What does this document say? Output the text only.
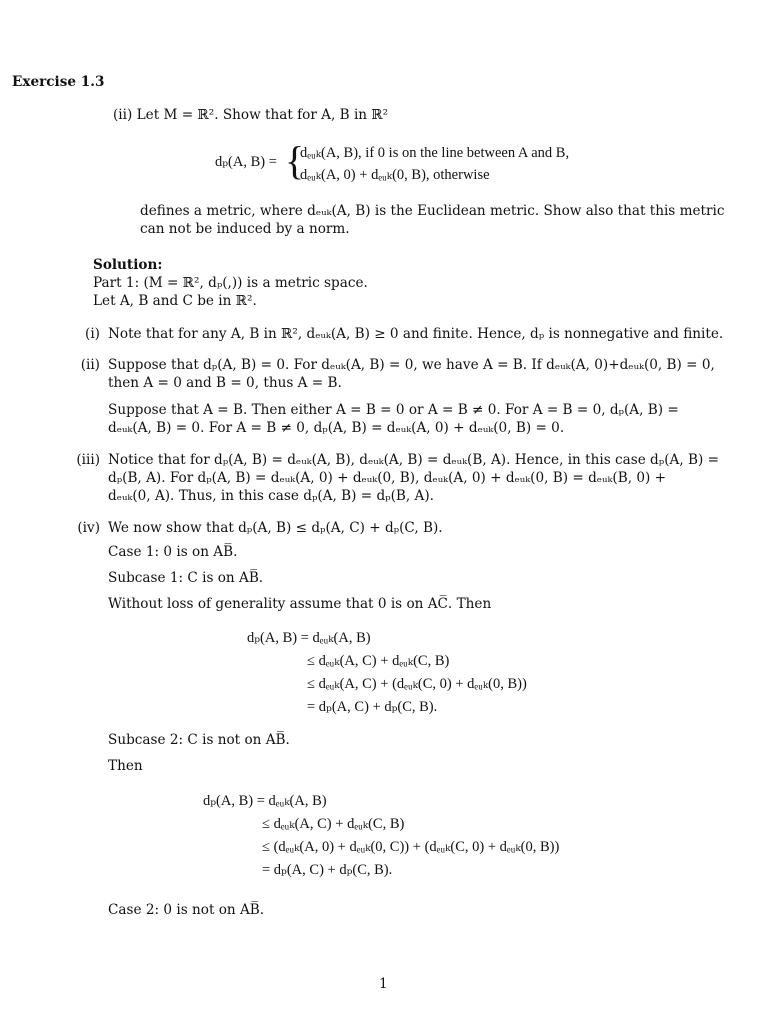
Exercise 1.3
(ii) Let M = ℝ². Show that for A, B in ℝ²
dₚ(A, B) = {
dₑᵤₖ(A, B), if 0 is on the line between A and B,
dₑᵤₖ(A, 0) + dₑᵤₖ(0, B), otherwise
defines a metric, where dₑᵤₖ(A, B) is the Euclidean metric. Show also that this metric
can not be induced by a norm.
Solution:
Part 1: (M = ℝ², dₚ(,)) is a metric space.
Let A, B and C be in ℝ².
(i) Note that for any A, B in ℝ², dₑᵤₖ(A, B) ≥ 0 and finite. Hence, dₚ is nonnegative and finite.
(ii) Suppose that dₚ(A, B) = 0. For dₑᵤₖ(A, B) = 0, we have A = B. If dₑᵤₖ(A, 0)+dₑᵤₖ(0, B) = 0,
then A = 0 and B = 0, thus A = B.
Suppose that A = B. Then either A = B = 0 or A = B ≠ 0. For A = B = 0, dₚ(A, B) =
dₑᵤₖ(A, B) = 0. For A = B ≠ 0, dₚ(A, B) = dₑᵤₖ(A, 0) + dₑᵤₖ(0, B) = 0.
(iii) Notice that for dₚ(A, B) = dₑᵤₖ(A, B), dₑᵤₖ(A, B) = dₑᵤₖ(B, A). Hence, in this case dₚ(A, B) =
dₚ(B, A). For dₚ(A, B) = dₑᵤₖ(A, 0) + dₑᵤₖ(0, B), dₑᵤₖ(A, 0) + dₑᵤₖ(0, B) = dₑᵤₖ(B, 0) +
dₑᵤₖ(0, A). Thus, in this case dₚ(A, B) = dₚ(B, A).
(iv) We now show that dₚ(A, B) ≤ dₚ(A, C) + dₚ(C, B).
Case 1: 0 is on AB̅.
Subcase 1: C is on AB̅.
Without loss of generality assume that 0 is on AC̅. Then
dₚ(A, B) = dₑᵤₖ(A, B)
≤ dₑᵤₖ(A, C) + dₑᵤₖ(C, B)
≤ dₑᵤₖ(A, C) + (dₑᵤₖ(C, 0) + dₑᵤₖ(0, B))
= dₚ(A, C) + dₚ(C, B).
Subcase 2: C is not on AB̅.
Then
dₚ(A, B) = dₑᵤₖ(A, B)
≤ dₑᵤₖ(A, C) + dₑᵤₖ(C, B)
≤ (dₑᵤₖ(A, 0) + dₑᵤₖ(0, C)) + (dₑᵤₖ(C, 0) + dₑᵤₖ(0, B))
= dₚ(A, C) + dₚ(C, B).
Case 2: 0 is not on AB̅.
1
